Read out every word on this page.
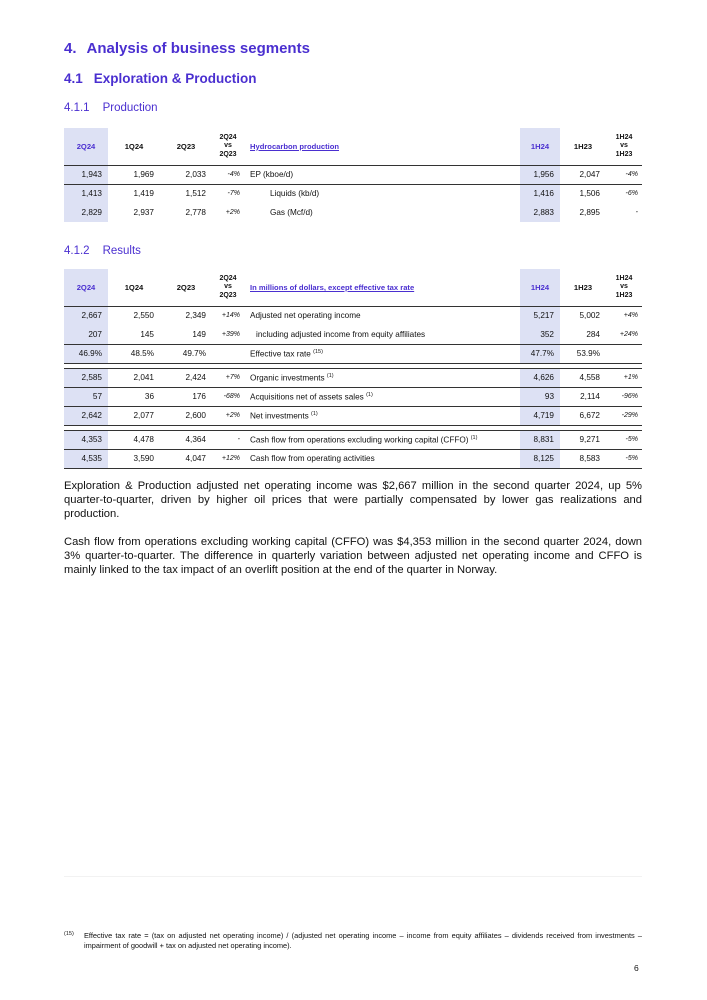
4. Analysis of business segments
4.1 Exploration & Production
4.1.1 Production
2Q24	1Q24	2Q23	2Q24
vs
2Q23	Hydrocarbon production	1H24	1H23	1H24
vs
1H23
1,943	1,969	2,033	-4%	EP (kboe/d)	1,956	2,047	-4%
1,413	1,419	1,512	-7%	Liquids (kb/d)	1,416	1,506	-6%
2,829	2,937	2,778	+2%	Gas (Mcf/d)	2,883	2,895	-
4.1.2 Results
2Q24	1Q24	2Q23	2Q24
vs
2Q23	In millions of dollars, except effective tax rate	1H24	1H23	1H24
vs
1H23
2,667	2,550	2,349	+14%	Adjusted net operating income	5,217	5,002	+4%
207	145	149	+39%	including adjusted income from equity affiliates	352	284	+24%
46.9%	48.5%	49.7%		Effective tax rate $^{(15)}$	47.7%	53.9%	

2,585	2,041	2,424	+7%	Organic investments $^{(1)}$	4,626	4,558	+1%
57	36	176	-68%	Acquisitions net of assets sales $^{(1)}$	93	2,114	-96%
2,642	2,077	2,600	+2%	Net investments $^{(1)}$	4,719	6,672	-29%

4,353	4,478	4,364	-	Cash flow from operations excluding working capital (CFFO) $^{(1)}$	8,831	9,271	-5%
4,535	3,590	4,047	+12%	Cash flow from operating activities	8,125	8,583	-5%

Exploration & Production adjusted net operating income was $2,667 million in the second quarter 2024, up 5% quarter-to-quarter, driven by higher oil prices that were partially compensated by lower gas realizations and production.

Cash flow from operations excluding working capital (CFFO) was $4,353 million in the second quarter 2024, down 3% quarter-to-quarter. The difference in quarterly variation between adjusted net operating income and CFFO is mainly linked to the tax impact of an overlift position at the end of the quarter in Norway.

(15)	Effective tax rate = (tax on adjusted net operating income) / (adjusted net operating income – income from equity affiliates – dividends received from investments – impairment of goodwill + tax on adjusted net operating income).
6
